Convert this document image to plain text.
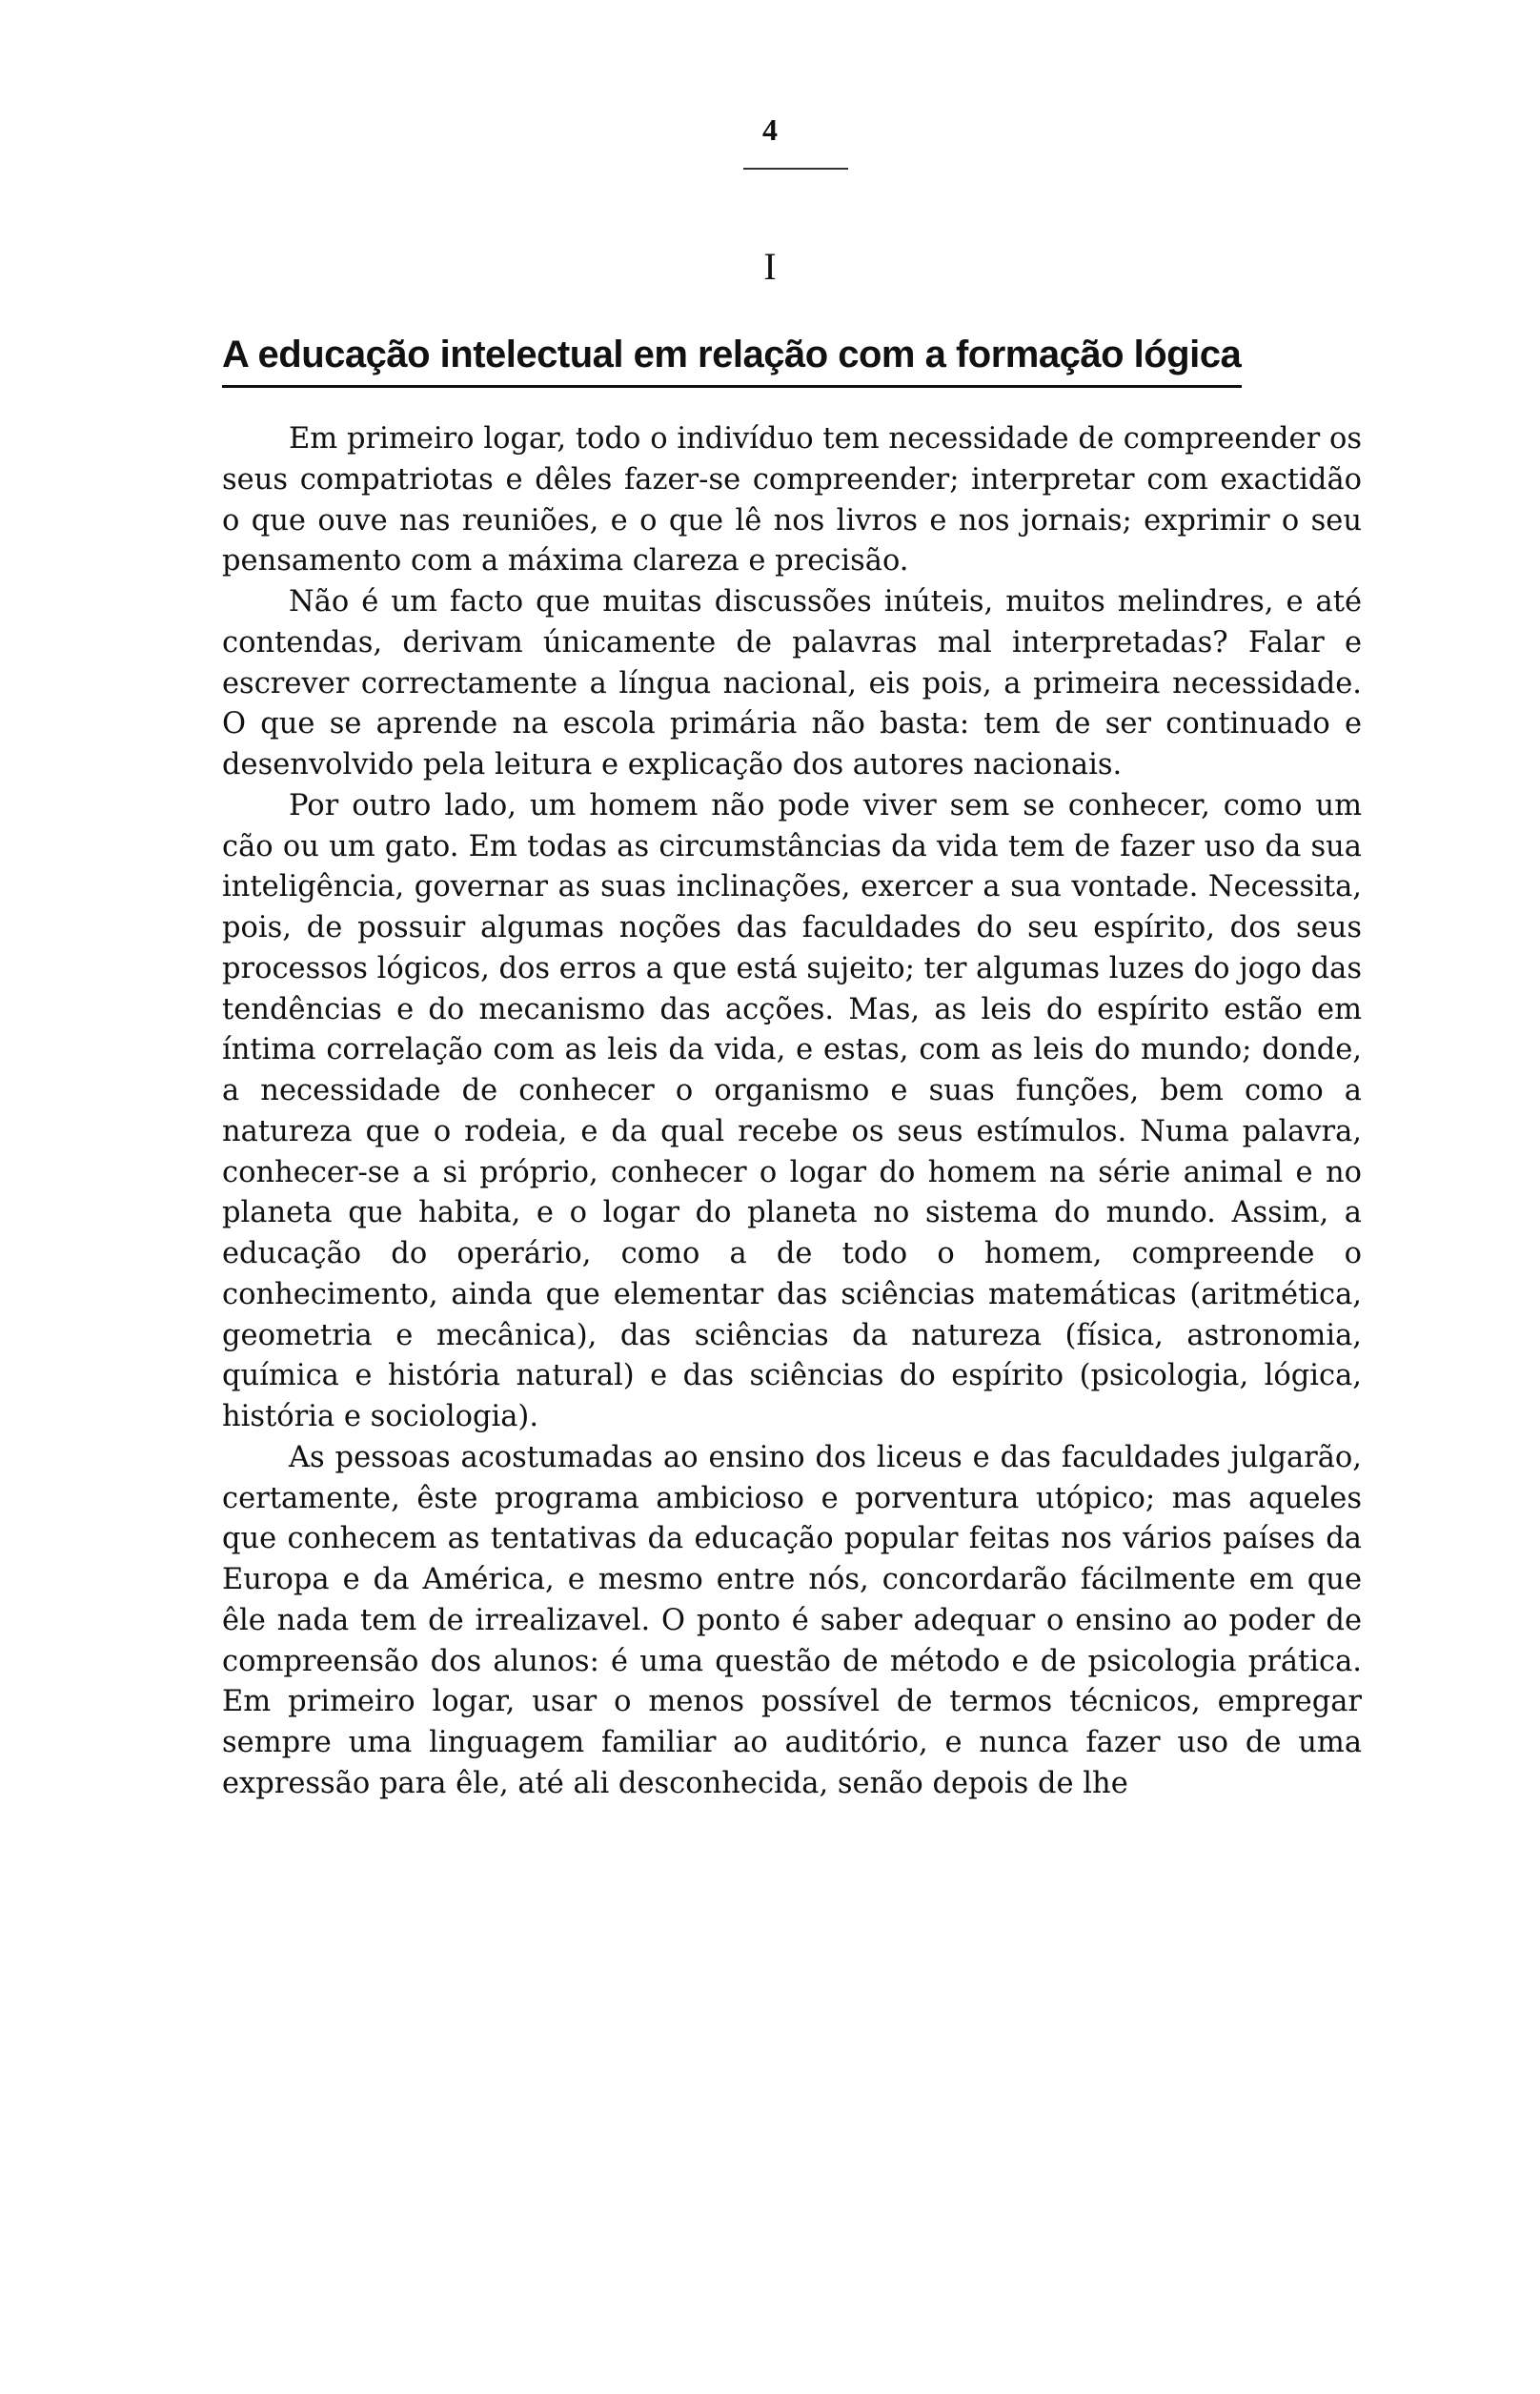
4
I
A educação intelectual em relação com a formação lógica

Em primeiro logar, todo o indivíduo tem necessidade de compreender os seus compatriotas e dêles fazer-se compreender; interpretar com exactidão o que ouve nas reuniões, e o que lê nos livros e nos jornais; exprimir o seu pensamento com a máxima clareza e precisão.

Não é um facto que muitas discussões inúteis, muitos melindres, e até contendas, derivam únicamente de palavras mal interpretadas? Falar e escrever correctamente a língua nacional, eis pois, a primeira necessidade. O que se aprende na escola primária não basta: tem de ser continuado e desenvolvido pela leitura e explicação dos autores nacionais.

Por outro lado, um homem não pode viver sem se conhecer, como um cão ou um gato. Em todas as circumstâncias da vida tem de fazer uso da sua inteligência, governar as suas inclinações, exercer a sua vontade. Necessita, pois, de possuir algumas noções das faculdades do seu espírito, dos seus processos lógicos, dos erros a que está sujeito; ter algumas luzes do jogo das tendências e do mecanismo das acções. Mas, as leis do espírito estão em íntima correlação com as leis da vida, e estas, com as leis do mundo; donde, a necessidade de conhecer o organismo e suas funções, bem como a natureza que o rodeia, e da qual recebe os seus estímulos. Numa palavra, conhecer-se a si próprio, conhecer o logar do homem na série animal e no planeta que habita, e o logar do planeta no sistema do mundo. Assim, a educação do operário, como a de todo o homem, compreende o conhecimento, ainda que elementar das sciências matemáticas (aritmética, geometria e mecânica), das sciências da natureza (física, astronomia, química e história natural) e das sciências do espírito (psicologia, lógica, história e sociologia).

As pessoas acostumadas ao ensino dos liceus e das faculdades julgarão, certamente, êste programa ambicioso e porventura utópico; mas aqueles que conhecem as tentativas da educação popular feitas nos vários países da Europa e da América, e mesmo entre nós, concordarão fácilmente em que êle nada tem de irrealizavel. O ponto é saber adequar o ensino ao poder de compreensão dos alunos: é uma questão de método e de psicologia prática. Em primeiro logar, usar o menos possível de termos técnicos, empregar sempre uma linguagem familiar ao auditório, e nunca fazer uso de uma expressão para êle, até ali desconhecida, senão depois de lhe
